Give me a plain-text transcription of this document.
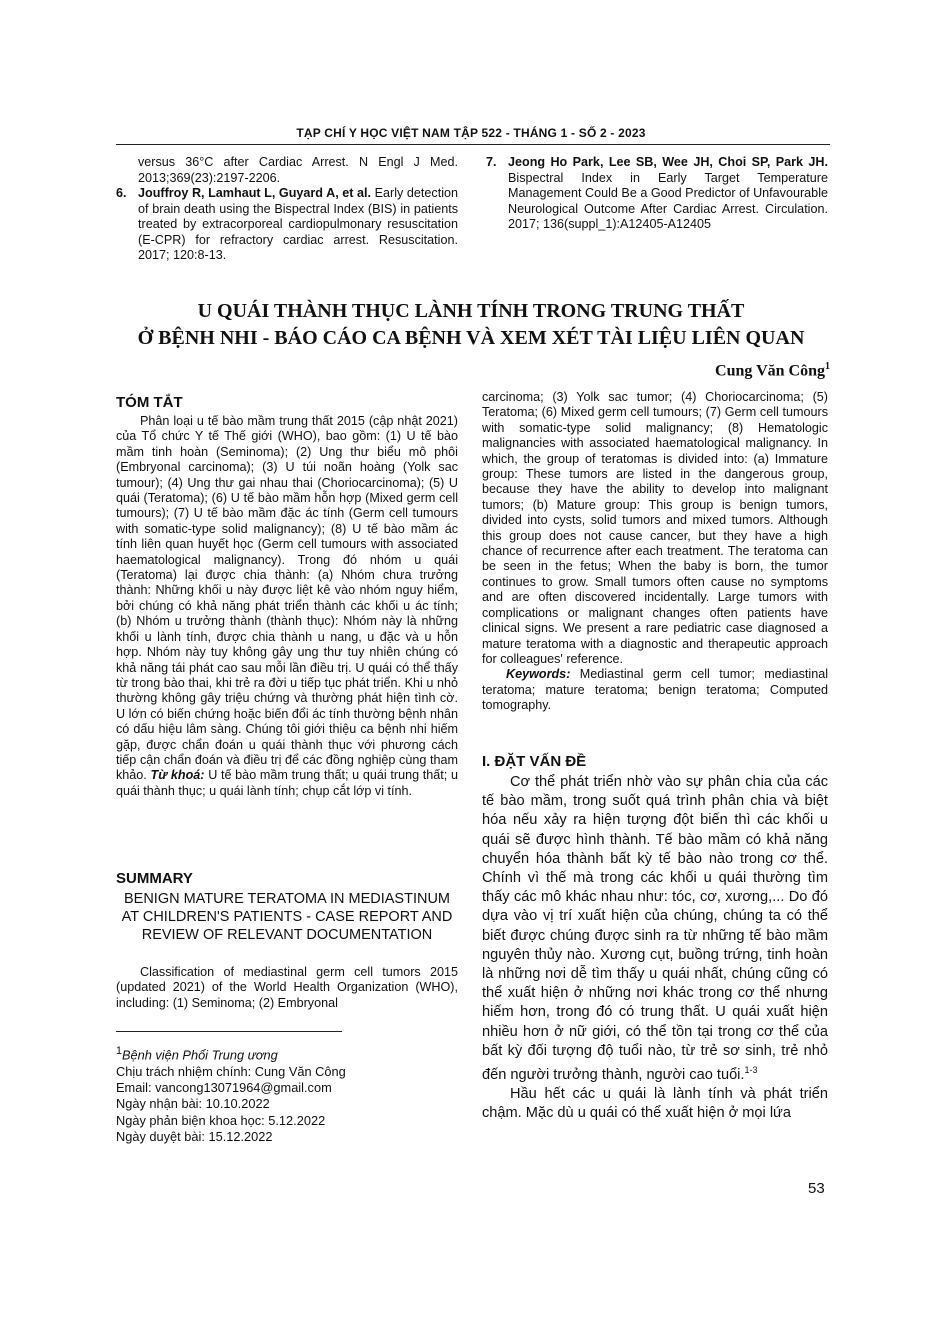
TẠP CHÍ Y HỌC VIỆT NAM TẬP 522 - THÁNG 1 - SỐ 2 - 2023
versus 36°C after Cardiac Arrest. N Engl J Med. 2013;369(23):2197-2206.
6. Jouffroy R, Lamhaut L, Guyard A, et al. Early detection of brain death using the Bispectral Index (BIS) in patients treated by extracorporeal cardiopulmonary resuscitation (E-CPR) for refractory cardiac arrest. Resuscitation. 2017; 120:8-13.
7. Jeong Ho Park, Lee SB, Wee JH, Choi SP, Park JH. Bispectral Index in Early Target Temperature Management Could Be a Good Predictor of Unfavourable Neurological Outcome After Cardiac Arrest. Circulation. 2017; 136(suppl_1):A12405-A12405
U QUÁI THÀNH THỤC LÀNH TÍNH TRONG TRUNG THẤT
Ở BỆNH NHI - BÁO CÁO CA BỆNH VÀ XEM XÉT TÀI LIỆU LIÊN QUAN
Cung Văn Công$^1$
TÓM TẮT

Phân loại u tế bào mầm trung thất 2015 (cập nhật 2021) của Tổ chức Y tế Thế giới (WHO), bao gồm: (1) U tế bào mầm tinh hoàn (Seminoma); (2) Ung thư biểu mô phôi (Embryonal carcinoma); (3) U túi noãn hoàng (Yolk sac tumour); (4) Ung thư gai nhau thai (Choriocarcinoma); (5) U quái (Teratoma); (6) U tế bào mầm hỗn hợp (Mixed germ cell tumours); (7) U tế bào mầm đặc ác tính (Germ cell tumours with somatic-type solid malignancy); (8) U tế bào mầm ác tính liên quan huyết học (Germ cell tumours with associated haematological malignancy). Trong đó nhóm u quái (Teratoma) lại được chia thành: (a) Nhóm chưa trưởng thành: Những khối u này được liệt kê vào nhóm nguy hiểm, bởi chúng có khả năng phát triển thành các khối u ác tính; (b) Nhóm u trưởng thành (thành thục): Nhóm này là những khối u lành tính, được chia thành u nang, u đặc và u hỗn hợp. Nhóm này tuy không gây ung thư tuy nhiên chúng có khả năng tái phát cao sau mỗi lần điều trị. U quái có thể thấy từ trong bào thai, khi trẻ ra đời u tiếp tục phát triển. Khi u nhỏ thường không gây triệu chứng và thường phát hiện tình cờ. U lớn có biến chứng hoặc biến đổi ác tính thường bệnh nhân có dấu hiệu lâm sàng. Chúng tôi giới thiệu ca bệnh nhi hiếm gặp, được chẩn đoán u quái thành thục với phương cách tiếp cận chẩn đoán và điều trị để các đồng nghiệp cùng tham khảo. Từ khoá: U tế bào mầm trung thất; u quái trung thất; u quái thành thục; u quái lành tính; chụp cắt lớp vi tính.

SUMMARY
BENIGN MATURE TERATOMA IN MEDIASTINUM AT CHILDREN'S PATIENTS - CASE REPORT AND REVIEW OF RELEVANT DOCUMENTATION

Classification of mediastinal germ cell tumors 2015 (updated 2021) of the World Health Organization (WHO), including: (1) Seminoma; (2) Embryonal

$^1$Bệnh viện Phổi Trung ương
Chịu trách nhiệm chính: Cung Văn Công
Email: vancong13071964@gmail.com
Ngày nhận bài: 10.10.2022
Ngày phản biện khoa học: 5.12.2022
Ngày duyệt bài: 15.12.2022
carcinoma; (3) Yolk sac tumor; (4) Choriocarcinoma; (5) Teratoma; (6) Mixed germ cell tumours; (7) Germ cell tumours with somatic-type solid malignancy; (8) Hematologic malignancies with associated haematological malignancy. In which, the group of teratomas is divided into: (a) Immature group: These tumors are listed in the dangerous group, because they have the ability to develop into malignant tumors; (b) Mature group: This group is benign tumors, divided into cysts, solid tumors and mixed tumors. Although this group does not cause cancer, but they have a high chance of recurrence after each treatment. The teratoma can be seen in the fetus; When the baby is born, the tumor continues to grow. Small tumors often cause no symptoms and are often discovered incidentally. Large tumors with complications or malignant changes often patients have clinical signs. We present a rare pediatric case diagnosed a mature teratoma with a diagnostic and therapeutic approach for colleagues' reference.

Keywords: Mediastinal germ cell tumor; mediastinal teratoma; mature teratoma; benign teratoma; Computed tomography.

I. ĐẶT VẤN ĐỀ

Cơ thể phát triển nhờ vào sự phân chia của các tế bào mầm, trong suốt quá trình phân chia và biệt hóa nếu xảy ra hiện tượng đột biến thì các khối u quái sẽ được hình thành. Tế bào mầm có khả năng chuyển hóa thành bất kỳ tế bào nào trong cơ thể. Chính vì thế mà trong các khối u quái thường tìm thấy các mô khác nhau như: tóc, cơ, xương,... Do đó dựa vào vị trí xuất hiện của chúng, chúng ta có thể biết được chúng được sinh ra từ những tế bào mầm nguyên thủy nào. Xương cụt, buồng trứng, tinh hoàn là những nơi dễ tìm thấy u quái nhất, chúng cũng có thể xuất hiện ở những nơi khác trong cơ thể nhưng hiếm hơn, trong đó có trung thất. U quái xuất hiện nhiều hơn ở nữ giới, có thể tồn tại trong cơ thể của bất kỳ đối tượng độ tuổi nào, từ trẻ sơ sinh, trẻ nhỏ đến người trưởng thành, người cao tuổi.$^{1-3}$

Hầu hết các u quái là lành tính và phát triển chậm. Mặc dù u quái có thể xuất hiện ở mọi lứa

53
